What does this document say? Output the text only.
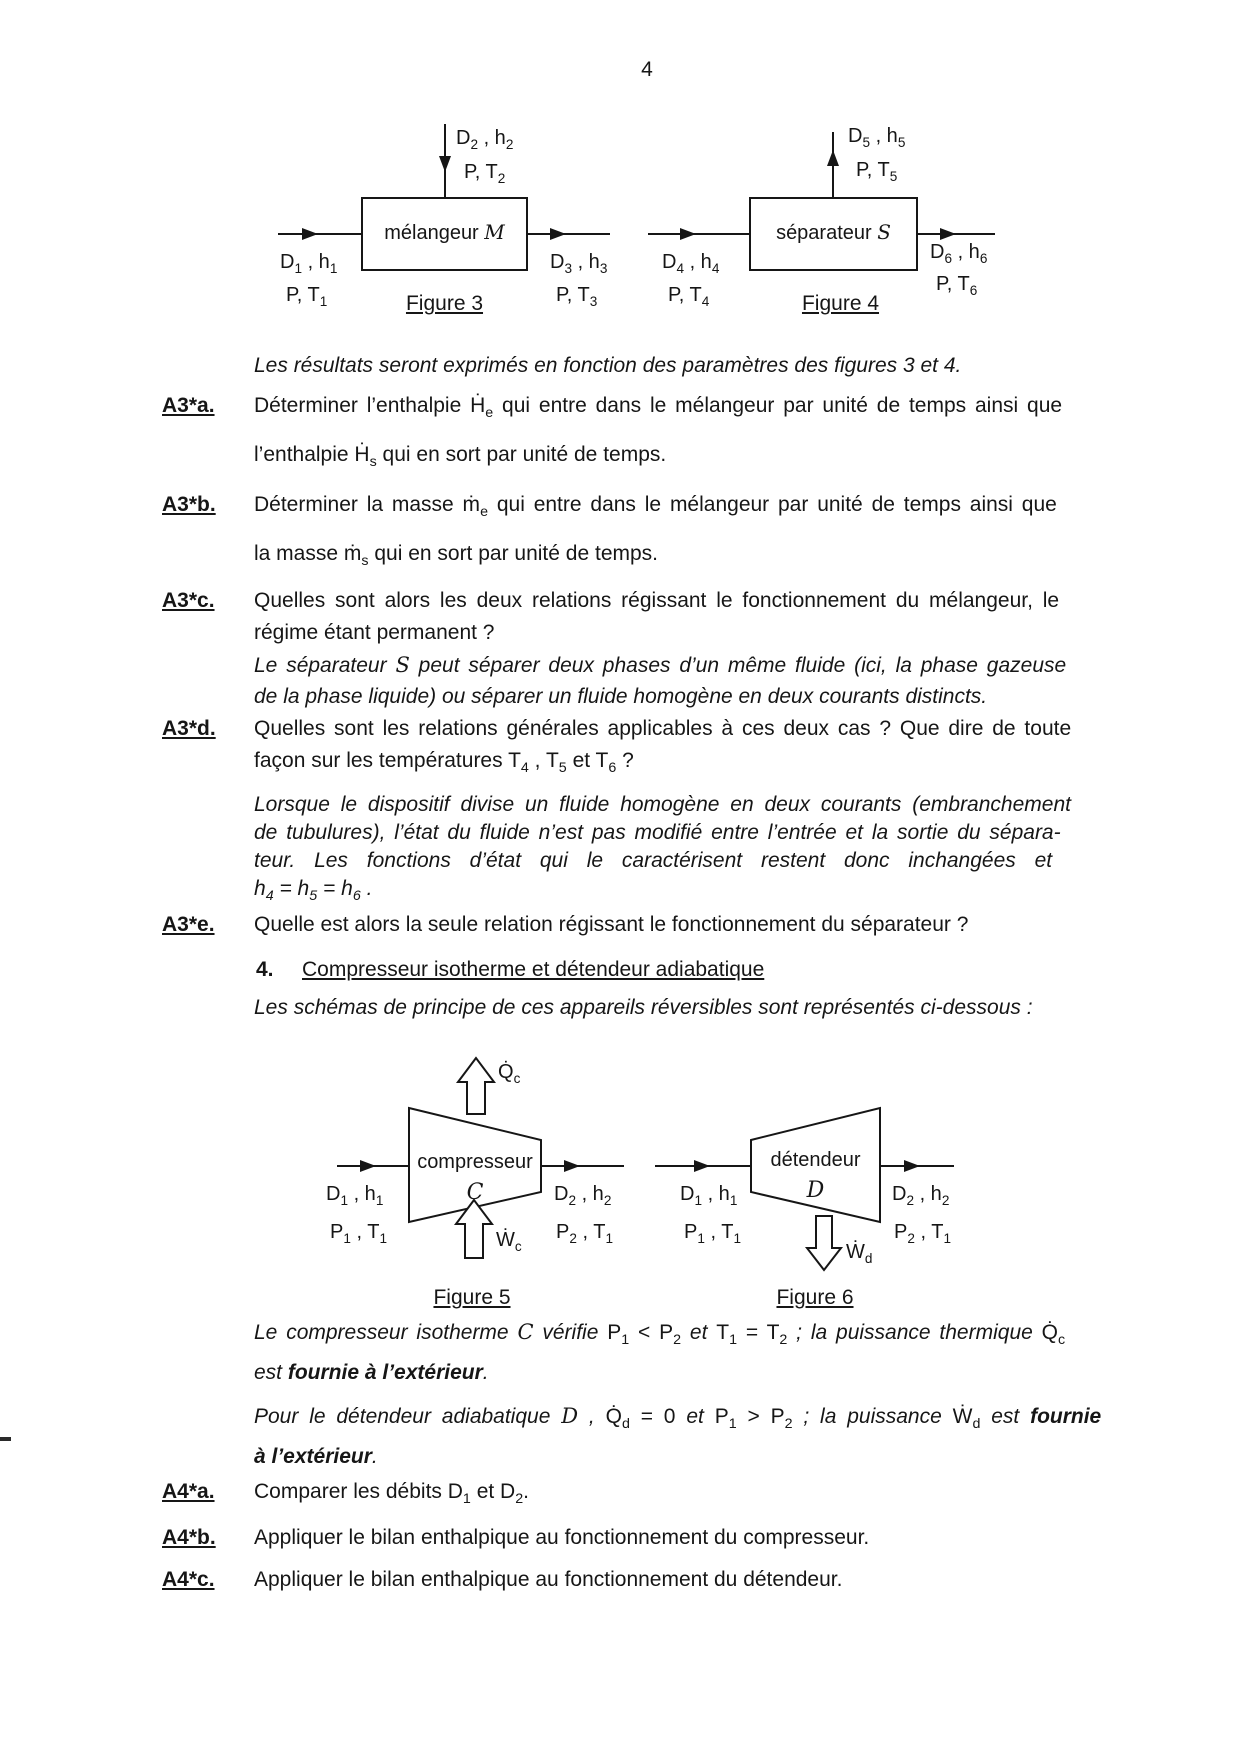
4
$D_2$ , $h_2$
P, $T_2$
mélangeur M
$D_1$ , $h_1$
P, $T_1$
$D_3$ , $h_3$
P, $T_3$
Figure 3
$D_5$ , $h_5$
P, $T_5$
séparateur S
$D_4$ , $h_4$
P, $T_4$
$D_6$ , $h_6$
P, $T_6$
Figure 4
Les résultats seront exprimés en fonction des paramètres des figures 3 et 4.
A3*a. Déterminer l’enthalpie Ḣ$_e$ qui entre dans le mélangeur par unité de temps ainsi que
l’enthalpie Ḣ$_s$ qui en sort par unité de temps.
A3*b. Déterminer la masse ṁ$_e$ qui entre dans le mélangeur par unité de temps ainsi que
la masse ṁ$_s$ qui en sort par unité de temps.
A3*c. Quelles sont alors les deux relations régissant le fonctionnement du mélangeur, le
régime étant permanent ?
Le séparateur S peut séparer deux phases d’un même fluide (ici, la phase gazeuse
de la phase liquide) ou séparer un fluide homogène en deux courants distincts.
A3*d. Quelles sont les relations générales applicables à ces deux cas ? Que dire de toute
façon sur les températures $T_4$ , $T_5$ et $T_6$ ?
Lorsque le dispositif divise un fluide homogène en deux courants (embranchement
de tubulures), l’état du fluide n’est pas modifié entre l’entrée et la sortie du sépara-
teur. Les fonctions d’état qui le caractérisent restent donc inchangées et
$h_4 = h_5 = h_6$ .
A3*e. Quelle est alors la seule relation régissant le fonctionnement du séparateur ?
4. Compresseur isotherme et détendeur adiabatique
Les schémas de principe de ces appareils réversibles sont représentés ci-dessous :
$Q̇_c$
compresseur
C
Ẇ$_c$
$D_1$ , $h_1$
$P_1$ , $T_1$
$D_2$ , $h_2$
$P_2$ , $T_1$
Figure 5
détendeur
D
Ẇ$_d$
$D_1$ , $h_1$
$P_1$ , $T_1$
$D_2$ , $h_2$
$P_2$ , $T_1$
Figure 6
Le compresseur isotherme C vérifie $P_1 < P_2$ et $T_1 = T_2$ ; la puissance thermique $Q̇_c$
est fournie à l’extérieur.
Pour le détendeur adiabatique D , $Q̇_d = 0$ et $P_1 > P_2$ ; la puissance Ẇ$_d$ est fournie
à l’extérieur.
A4*a. Comparer les débits $D_1$ et $D_2$.
A4*b. Appliquer le bilan enthalpique au fonctionnement du compresseur.
A4*c. Appliquer le bilan enthalpique au fonctionnement du détendeur.
